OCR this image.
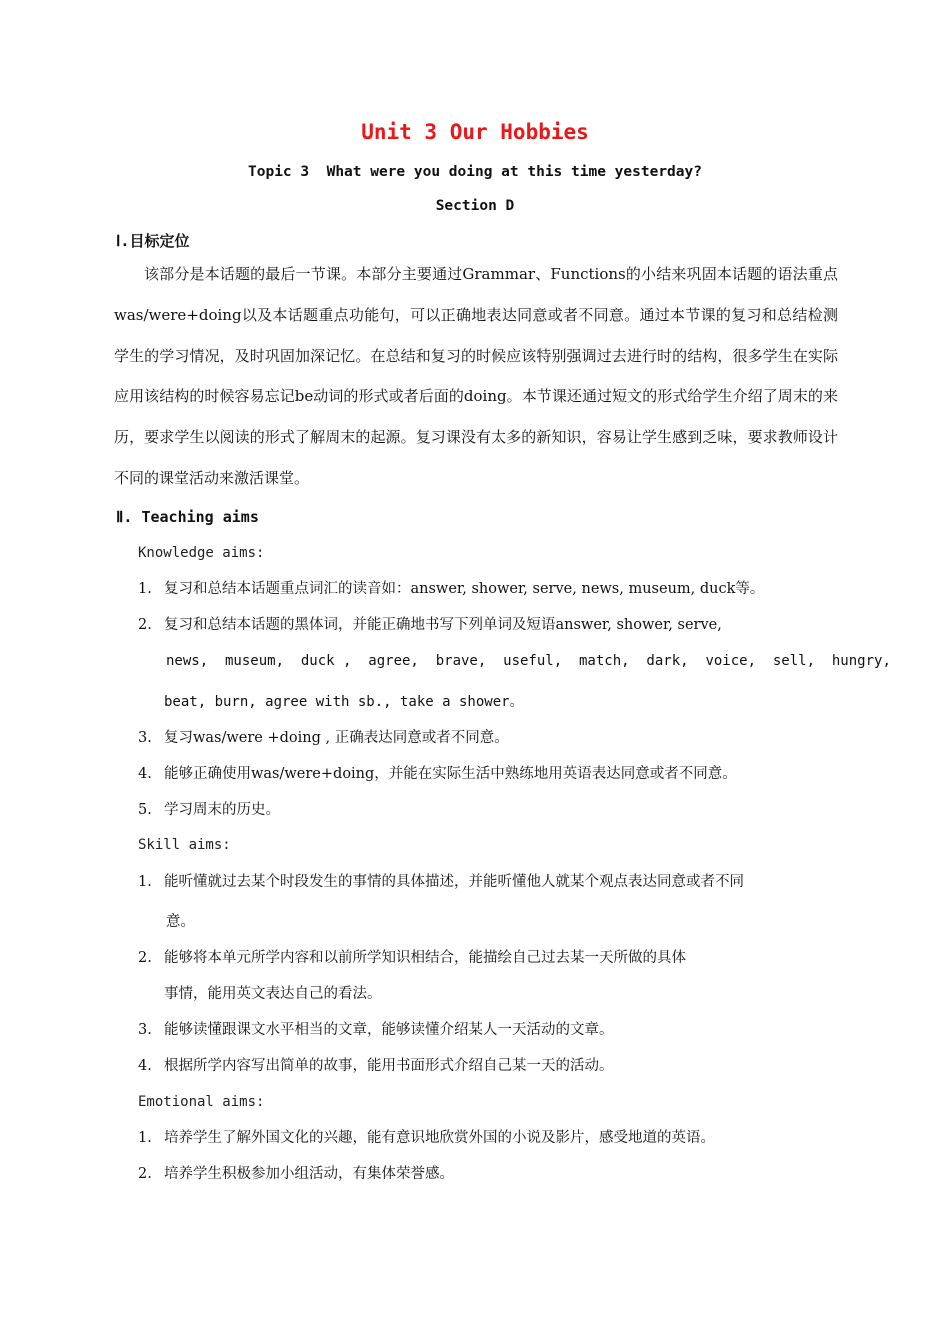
Unit 3 Our Hobbies
Topic 3  What were you doing at this time yesterday?
Section D
Ⅰ.目标定位

该部分是本话题的最后一节课。本部分主要通过Grammar、Functions的小结来巩固本话题的语法重点was/were+doing以及本话题重点功能句，可以正确地表达同意或者不同意。通过本节课的复习和总结检测学生的学习情况，及时巩固加深记忆。在总结和复习的时候应该特别强调过去进行时的结构，很多学生在实际应用该结构的时候容易忘记be动词的形式或者后面的doing。本节课还通过短文的形式给学生介绍了周末的来历，要求学生以阅读的形式了解周末的起源。复习课没有太多的新知识，容易让学生感到乏味，要求教师设计不同的课堂活动来激活课堂。

Ⅱ. Teaching aims
Knowledge aims:

1. 复习和总结本话题重点词汇的读音如：answer, shower, serve, news, museum, duck等。

2. 复习和总结本话题的黑体词，并能正确地书写下列单词及短语answer, shower, serve,

news,  museum,  duck ,  agree,  brave,  useful,  match,  dark,  voice,  sell,  hungry,

beat, burn, agree with sb., take a shower。

3. 复习was/were +doing , 正确表达同意或者不同意。

4. 能够正确使用was/were+doing，并能在实际生活中熟练地用英语表达同意或者不同意。

5. 学习周末的历史。

Skill aims:

1. 能听懂就过去某个时段发生的事情的具体描述，并能听懂他人就某个观点表达同意或者不同

意。

2. 能够将本单元所学内容和以前所学知识相结合，能描绘自己过去某一天所做的具体

事情，能用英文表达自己的看法。

3. 能够读懂跟课文水平相当的文章，能够读懂介绍某人一天活动的文章。

4. 根据所学内容写出简单的故事，能用书面形式介绍自己某一天的活动。

Emotional aims:

1. 培养学生了解外国文化的兴趣，能有意识地欣赏外国的小说及影片，感受地道的英语。

2. 培养学生积极参加小组活动，有集体荣誉感。
